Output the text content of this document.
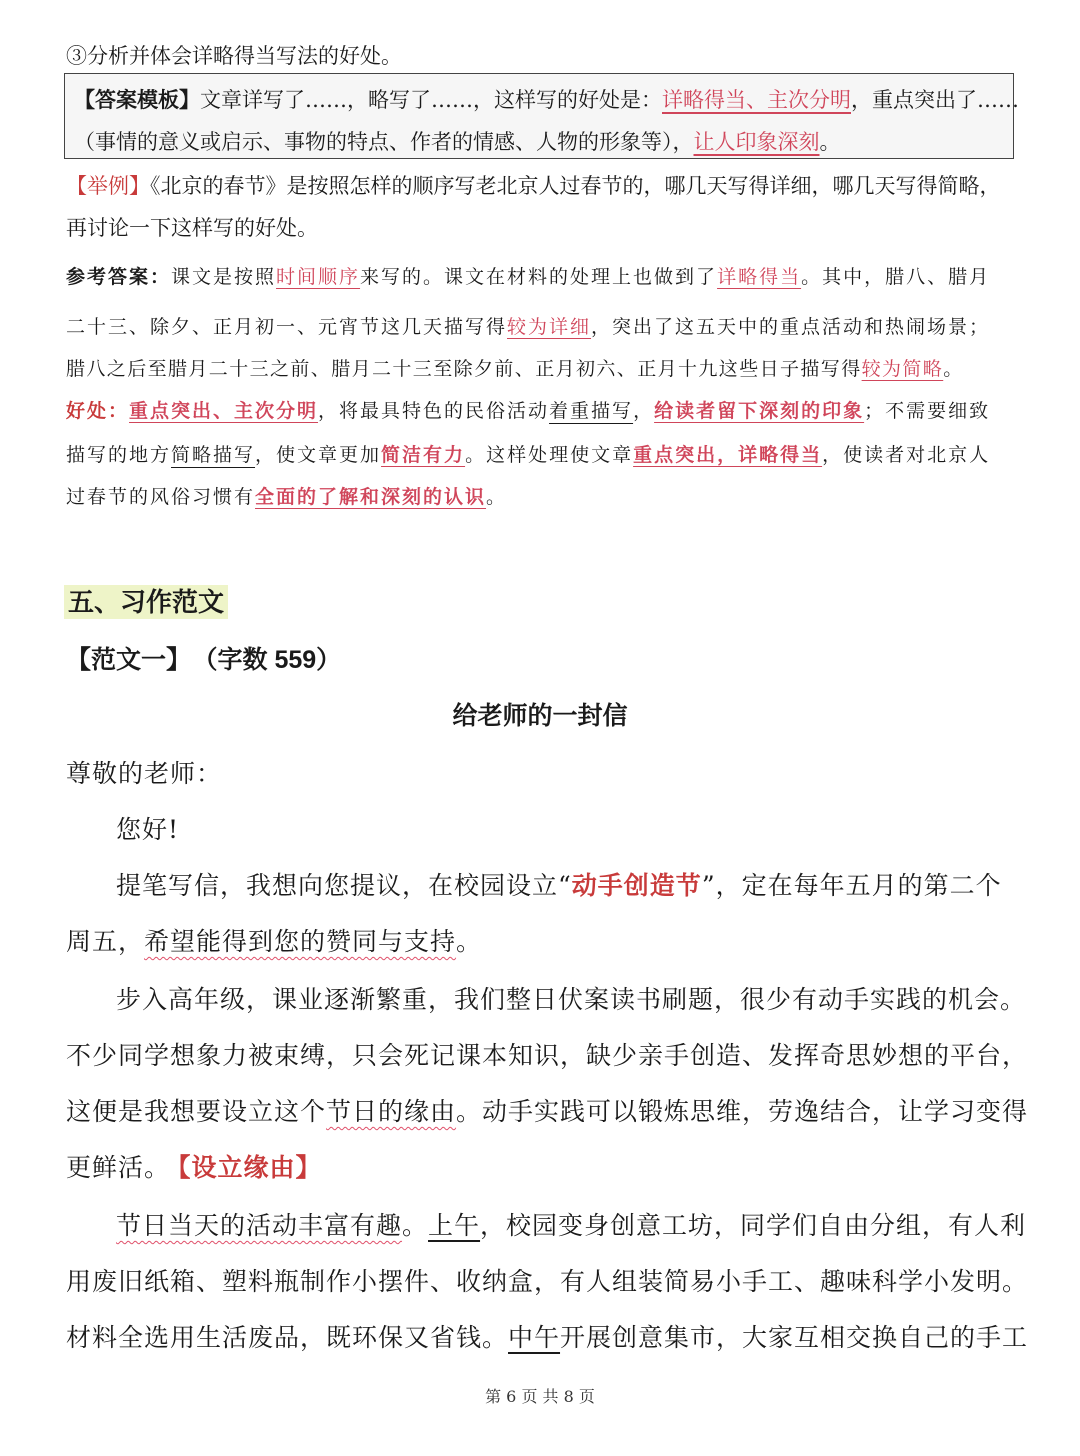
③分析并体会详略得当写法的好处。
【答案模板】文章详写了……，略写了……，这样写的好处是：详略得当、主次分明，重点突出了……
（事情的意义或启示、事物的特点、作者的情感、人物的形象等），让人印象深刻。
【举例】《北京的春节》是按照怎样的顺序写老北京人过春节的，哪几天写得详细，哪几天写得简略，
再讨论一下这样写的好处。
参考答案：课文是按照时间顺序来写的。课文在材料的处理上也做到了详略得当。其中，腊八、腊月
二十三、除夕、正月初一、元宵节这几天描写得较为详细，突出了这五天中的重点活动和热闹场景；
腊八之后至腊月二十三之前、腊月二十三至除夕前、正月初六、正月十九这些日子描写得较为简略。
好处：重点突出、主次分明，将最具特色的民俗活动着重描写，给读者留下深刻的印象；不需要细致
描写的地方简略描写，使文章更加简洁有力。这样处理使文章重点突出，详略得当，使读者对北京人
过春节的风俗习惯有全面的了解和深刻的认识。
五、习作范文
【范文一】 （字数 559）
给老师的一封信
尊敬的老师：
您好!
提笔写信，我想向您提议，在校园设立“动手创造节”，定在每年五月的第二个
周五，希望能得到您的赞同与支持。
步入高年级，课业逐渐繁重，我们整日伏案读书刷题，很少有动手实践的机会。
不少同学想象力被束缚，只会死记课本知识，缺少亲手创造、发挥奇思妙想的平台，
这便是我想要设立这个节日的缘由。动手实践可以锻炼思维，劳逸结合，让学习变得
更鲜活。 【设立缘由】
节日当天的活动丰富有趣。上午，校园变身创意工坊，同学们自由分组，有人利
用废旧纸箱、塑料瓶制作小摆件、收纳盒，有人组装简易小手工、趣味科学小发明。
材料全选用生活废品，既环保又省钱。中午开展创意集市，大家互相交换自己的手工
第 6 页 共 8 页
